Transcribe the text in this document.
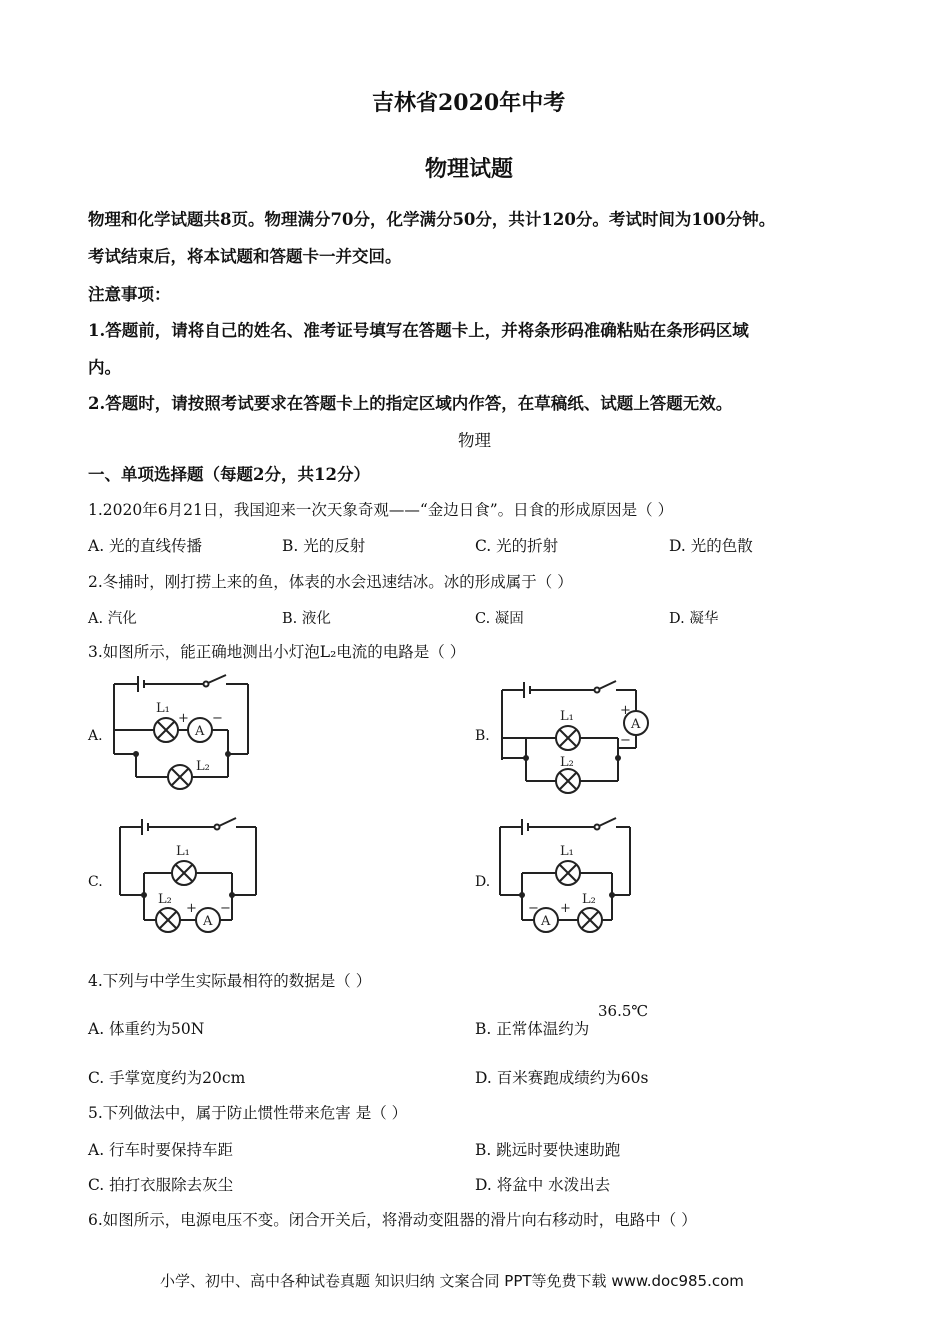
吉林省2020年中考
物理试题
物理和化学试题共8页。物理满分70分，化学满分50分，共计120分。考试时间为100分钟。
考试结束后，将本试题和答题卡一并交回。
注意事项：
1.答题前，请将自己的姓名、准考证号填写在答题卡上，并将条形码准确粘贴在条形码区域
内。
2.答题时，请按照考试要求在答题卡上的指定区域内作答，在草稿纸、试题上答题无效。
物理
一、单项选择题（每题2分，共12分）
1.2020年6月21日，我国迎来一次天象奇观——“金边日食”。日食的形成原因是（ ）
A. 光的直线传播	B. 光的反射	C. 光的折射	D. 光的色散
2.冬捕时，刚打捞上来的鱼，体表的水会迅速结冰。冰的形成属于（ ）
A. 汽化	B. 液化	C. 凝固	D. 凝华
3.如图所示，能正确地测出小灯泡L₂电流的电路是（ ）
A.	A
L₁
L₂
+ −
B.
A
L₁
L₂
+
−
C.
A
L₁
L₂
+ −
D.
A
L₁
L₂
− +
4.下列与中学生实际最相符的数据是（ ）
A. 体重约为50N	B. 正常体温约为
36.5℃
C. 手掌宽度约为20cm	D. 百米赛跑成绩约为60s
5.下列做法中，属于防止惯性带来危害 是（ ）
A. 行车时要保持车距	B. 跳远时要快速助跑
C. 拍打衣服除去灰尘	D. 将盆中 水泼出去
6.如图所示，电源电压不变。闭合开关后，将滑动变阻器的滑片向右移动时，电路中（ ）
小学、初中、高中各种试卷真题 知识归纳 文案合同 PPT等免费下载 www.doc985.com
